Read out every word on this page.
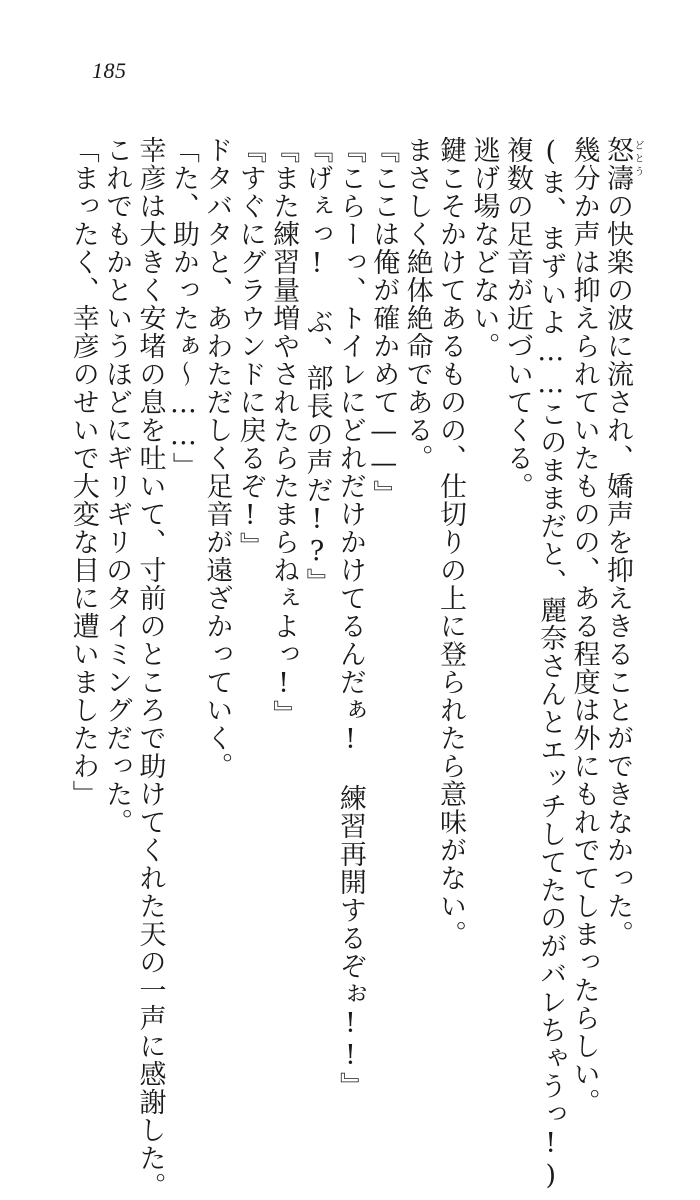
185
どとう
怒濤の快楽の波に流され、嬌声を抑えきることができなかった。
幾分か声は抑えられていたものの、ある程度は外にもれでてしまったらしい。
(ま、まずいよ……このままだと、麗奈さんとエッチしてたのがバレちゃうっ!)
複数の足音が近づいてくる。
逃げ場などない。
鍵こそかけてあるものの、仕切りの上に登られたら意味がない。
まさしく絶体絶命である。
『ここは俺が確かめて——』
『こらーっ、トイレにどれだけかけてるんだぁ!　練習再開するぞぉ!!』
『げぇっ!　ぶ、部長の声だ!?』
『また練習量増やされたらたまらねぇよっ!』
『すぐにグラウンドに戻るぞ!』
ドタバタと、あわただしく足音が遠ざかっていく。
「た、助かったぁ～……」
幸彦は大きく安堵の息を吐いて、寸前のところで助けてくれた天の一声に感謝した。
これでもかというほどにギリギリのタイミングだった。
「まったく、幸彦のせいで大変な目に遭いましたわ」
